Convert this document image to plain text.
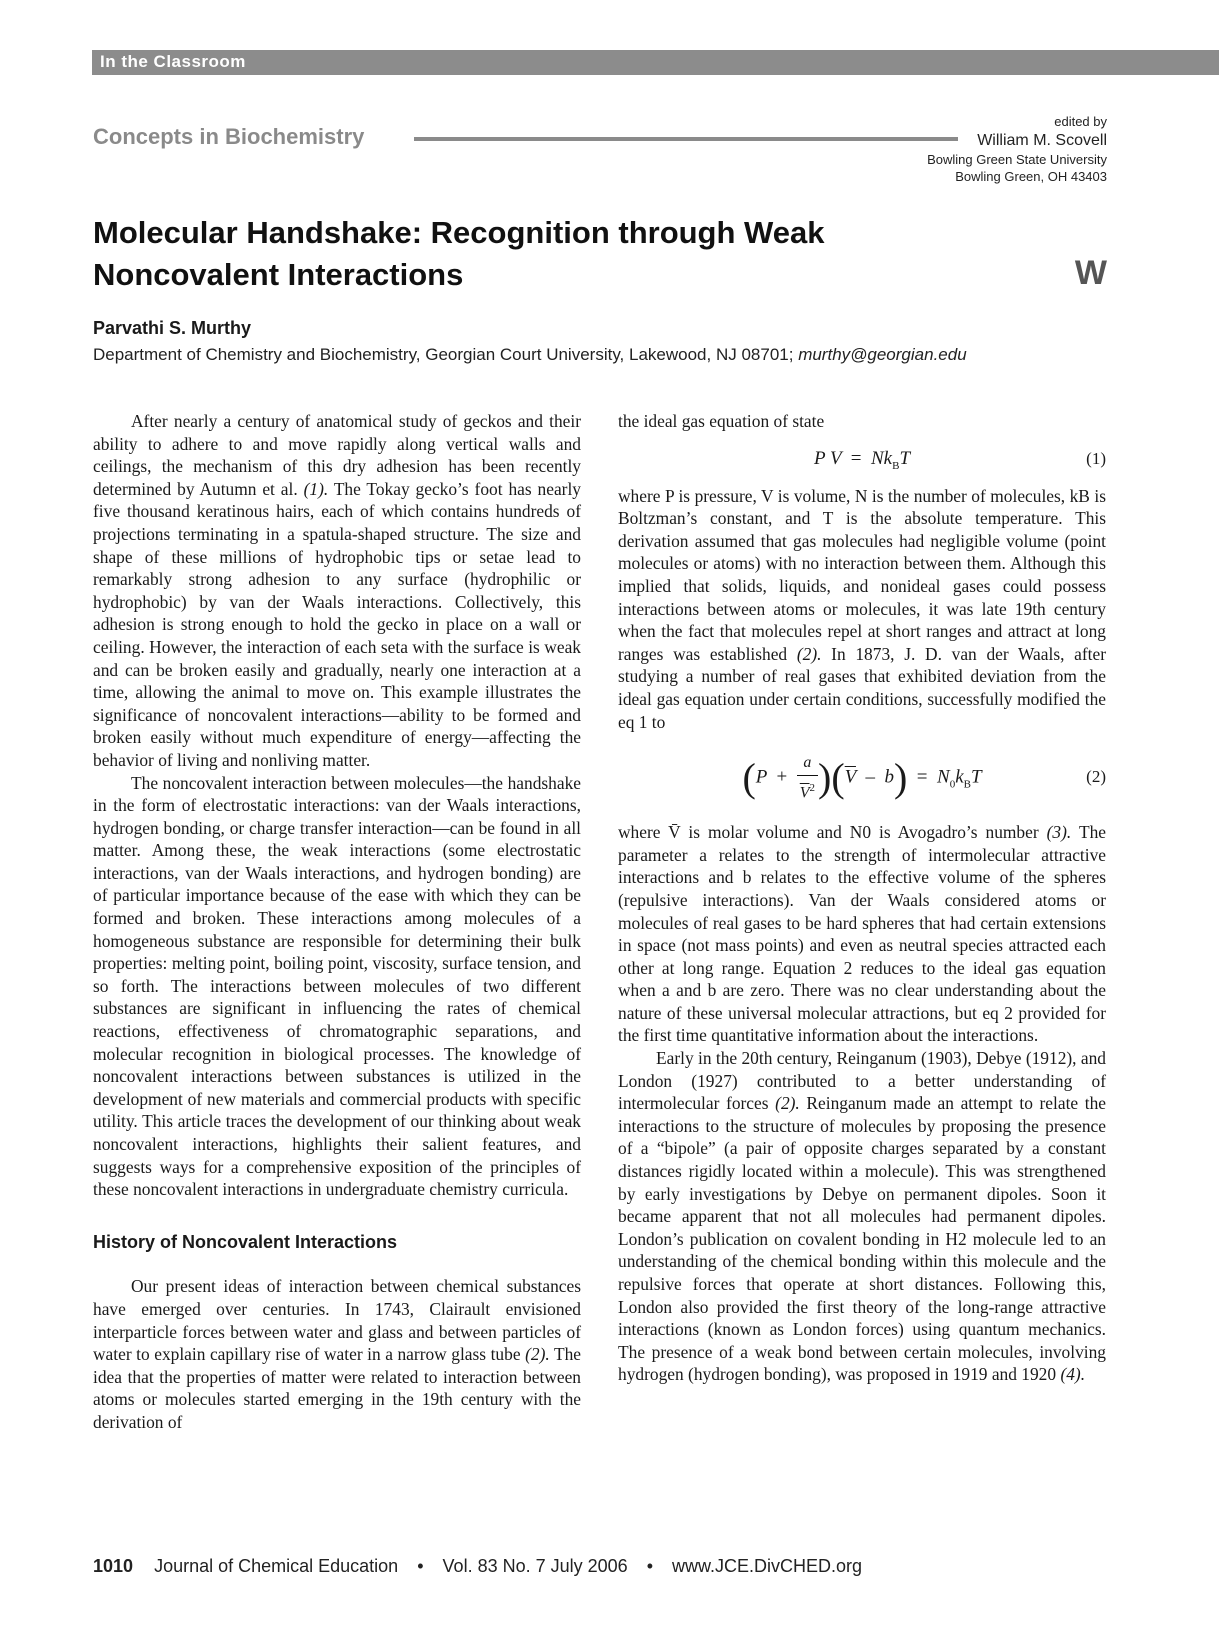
In the Classroom
Concepts in Biochemistry
edited by
William M. Scovell
Bowling Green State University
Bowling Green, OH 43403
Molecular Handshake: Recognition through Weak
Noncovalent Interactions	W
Parvathi S. Murthy
Department of Chemistry and Biochemistry, Georgian Court University, Lakewood, NJ 08701; murthy@georgian.edu

After nearly a century of anatomical study of geckos and their ability to adhere to and move rapidly along vertical walls and ceilings, the mechanism of this dry adhesion has been recently determined by Autumn et al. (1). The Tokay gecko’s foot has nearly five thousand keratinous hairs, each of which contains hundreds of projections terminating in a spatula-shaped structure. The size and shape of these millions of hydrophobic tips or setae lead to remarkably strong adhesion to any surface (hydrophilic or hydrophobic) by van der Waals interactions. Collectively, this adhesion is strong enough to hold the gecko in place on a wall or ceiling. However, the interaction of each seta with the surface is weak and can be broken easily and gradually, nearly one interaction at a time, allowing the animal to move on. This example illustrates the significance of noncovalent interactions—ability to be formed and broken easily without much expenditure of energy—affecting the behavior of living and nonliving matter.

The noncovalent interaction between molecules—the handshake in the form of electrostatic interactions: van der Waals interactions, hydrogen bonding, or charge transfer interaction—can be found in all matter. Among these, the weak interactions (some electrostatic interactions, van der Waals interactions, and hydrogen bonding) are of particular importance because of the ease with which they can be formed and broken. These interactions among molecules of a homogeneous substance are responsible for determining their bulk properties: melting point, boiling point, viscosity, surface tension, and so forth. The interactions between molecules of two different substances are significant in influencing the rates of chemical reactions, effectiveness of chromatographic separations, and molecular recognition in biological processes. The knowledge of noncovalent interactions between substances is utilized in the development of new materials and commercial products with specific utility. This article traces the development of our thinking about weak noncovalent interactions, highlights their salient features, and suggests ways for a comprehensive exposition of the principles of these noncovalent interactions in undergraduate chemistry curricula.

History of Noncovalent Interactions

Our present ideas of interaction between chemical substances have emerged over centuries. In 1743, Clairault envisioned interparticle forces between water and glass and between particles of water to explain capillary rise of water in a narrow glass tube (2). The idea that the properties of matter were related to interaction between atoms or molecules started emerging in the 19th century with the derivation of

the ideal gas equation of state

P $V = Nk_BT$	(1)

where P is pressure, V is volume, N is the number of molecules, kB is Boltzman’s constant, and T is the absolute temperature. This derivation assumed that gas molecules had negligible volume (point molecules or atoms) with no interaction between them. Although this implied that solids, liquids, and nonideal gases could possess interactions between atoms or molecules, it was late 19th century when the fact that molecules repel at short ranges and attract at long ranges was established (2). In 1873, J. D. van der Waals, after studying a number of real gases that exhibited deviation from the ideal gas equation under certain conditions, successfully modified the eq 1 to

$(P + \frac{a}{\overline{V}^2} )(\overline{V} - b) = N_0k_BT$	(2)

where V̄ is molar volume and N0 is Avogadro’s number (3). The parameter a relates to the strength of intermolecular attractive interactions and b relates to the effective volume of the spheres (repulsive interactions). Van der Waals considered atoms or molecules of real gases to be hard spheres that had certain extensions in space (not mass points) and even as neutral species attracted each other at long range. Equation 2 reduces to the ideal gas equation when a and b are zero. There was no clear understanding about the nature of these universal molecular attractions, but eq 2 provided for the first time quantitative information about the interactions.

Early in the 20th century, Reinganum (1903), Debye (1912), and London (1927) contributed to a better understanding of intermolecular forces (2). Reinganum made an attempt to relate the interactions to the structure of molecules by proposing the presence of a “bipole” (a pair of opposite charges separated by a constant distances rigidly located within a molecule). This was strengthened by early investigations by Debye on permanent dipoles. Soon it became apparent that not all molecules had permanent dipoles. London’s publication on covalent bonding in H2 molecule led to an understanding of the chemical bonding within this molecule and the repulsive forces that operate at short distances. Following this, London also provided the first theory of the long-range attractive interactions (known as London forces) using quantum mechanics. The presence of a weak bond between certain molecules, involving hydrogen (hydrogen bonding), was proposed in 1919 and 1920 (4).

1010 Journal of Chemical Education • Vol. 83 No. 7 July 2006 • www.JCE.DivCHED.org
